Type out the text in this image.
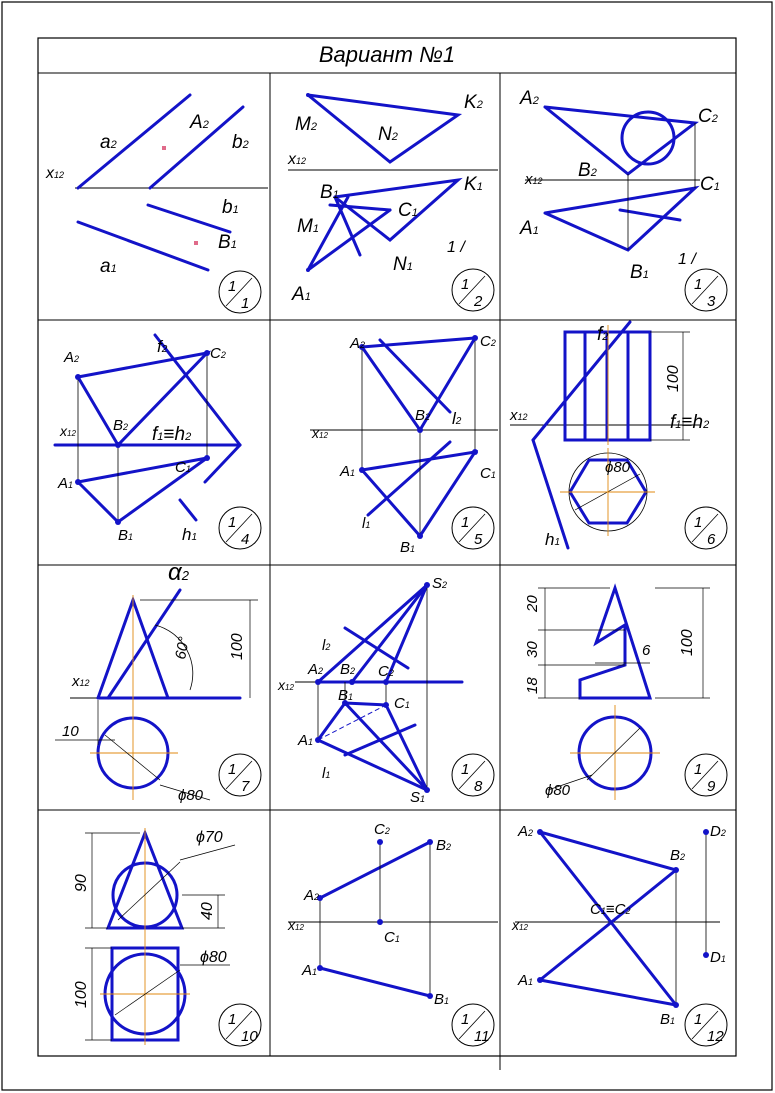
Вариант №1
a2
A2
b2
x12
b1
B1
a1
M2	N2
K2
x12
K1
B1
C1
M1
N1
A1
1 /
A2
C2
B2
x12	C1
A1
B1
1 /
A2
f2	C2
B2
x12	f1≡h2
C1
A1
B1	h1
A2	C2
B2 l2
x12
A1	C1
l1
B1
f2
100
x12	f1≡h2
ϕ80
h1
α2
60° 100
x12
10
ϕ80
S2
l2
x12
A2 B2 C2
B1	C1
A1
l1
S1
20
30
18
6 100
ϕ80
90
ϕ70
40
100
ϕ80
C2
B2
A2
x12
C1
A1
B1
A2	D2
B2
x12
C1≡C2
D1
A1
B1
1
1
1
2
1
3
1
4
1
5
1
6
1
7
1
8
1
9
1
10
1
11
1
12
